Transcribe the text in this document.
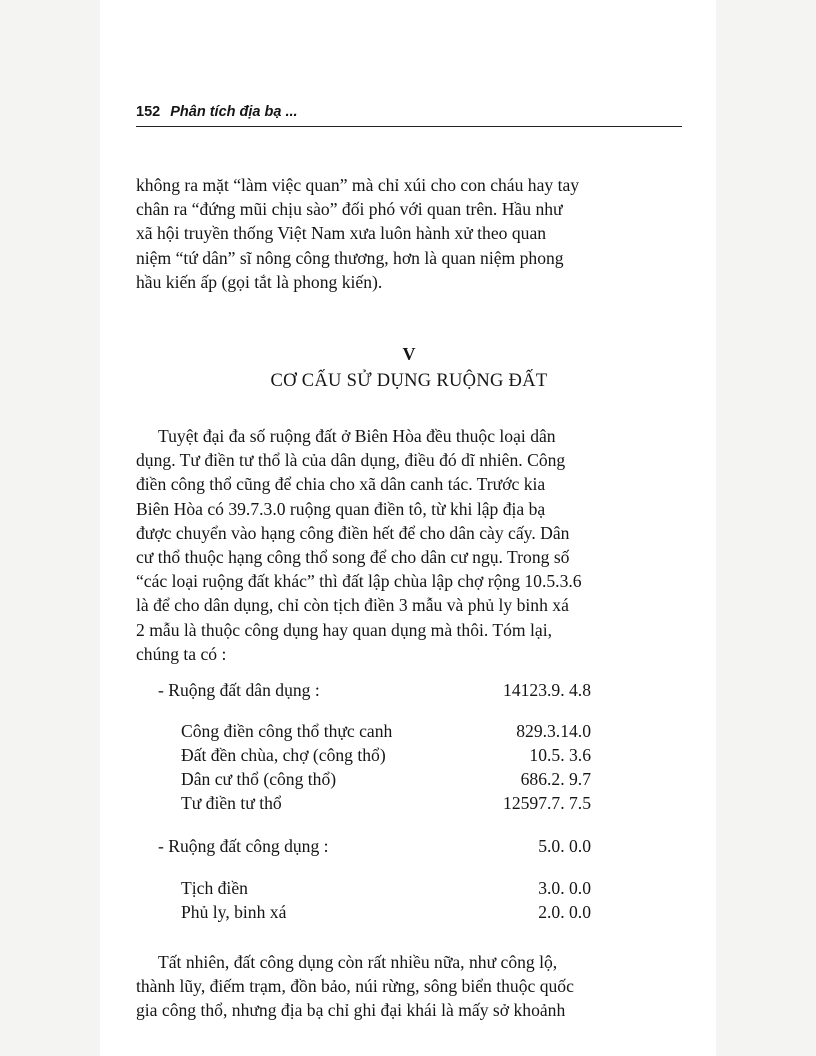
152 Phân tích địa bạ ...

không ra mặt “làm việc quan” mà chỉ xúi cho con cháu hay tay

chân ra “đứng mũi chịu sào” đối phó với quan trên. Hầu như

xã hội truyền thống Việt Nam xưa luôn hành xử theo quan

niệm “tứ dân” sĩ nông công thương, hơn là quan niệm phong

hầu kiến ấp (gọi tắt là phong kiến).

V
CƠ CẤU SỬ DỤNG RUỘNG ĐẤT

Tuyệt đại đa số ruộng đất ở Biên Hòa đều thuộc loại dân

dụng. Tư điền tư thổ là của dân dụng, điều đó dĩ nhiên. Công

điền công thổ cũng để chia cho xã dân canh tác. Trước kia

Biên Hòa có 39.7.3.0 ruộng quan điền tô, từ khi lập địa bạ

được chuyển vào hạng công điền hết để cho dân cày cấy. Dân

cư thổ thuộc hạng công thổ song để cho dân cư ngụ. Trong số

“các loại ruộng đất khác” thì đất lập chùa lập chợ rộng 10.5.3.6

là để cho dân dụng, chỉ còn tịch điền 3 mẫu và phủ ly binh xá

2 mẫu là thuộc công dụng hay quan dụng mà thôi. Tóm lại,

chúng ta có :

- Ruộng đất dân dụng :	14123.9. 4.8
Công điền công thổ thực canh	829.3.14.0
Đất đền chùa, chợ (công thổ)	10.5. 3.6
Dân cư thổ (công thổ)	686.2. 9.7
Tư điền tư thổ	12597.7. 7.5
- Ruộng đất công dụng :	5.0. 0.0
Tịch điền	3.0. 0.0
Phủ ly, binh xá	2.0. 0.0

Tất nhiên, đất công dụng còn rất nhiều nữa, như công lộ,

thành lũy, điếm trạm, đồn bảo, núi rừng, sông biển thuộc quốc

gia công thổ, nhưng địa bạ chỉ ghi đại khái là mấy sở khoảnh
